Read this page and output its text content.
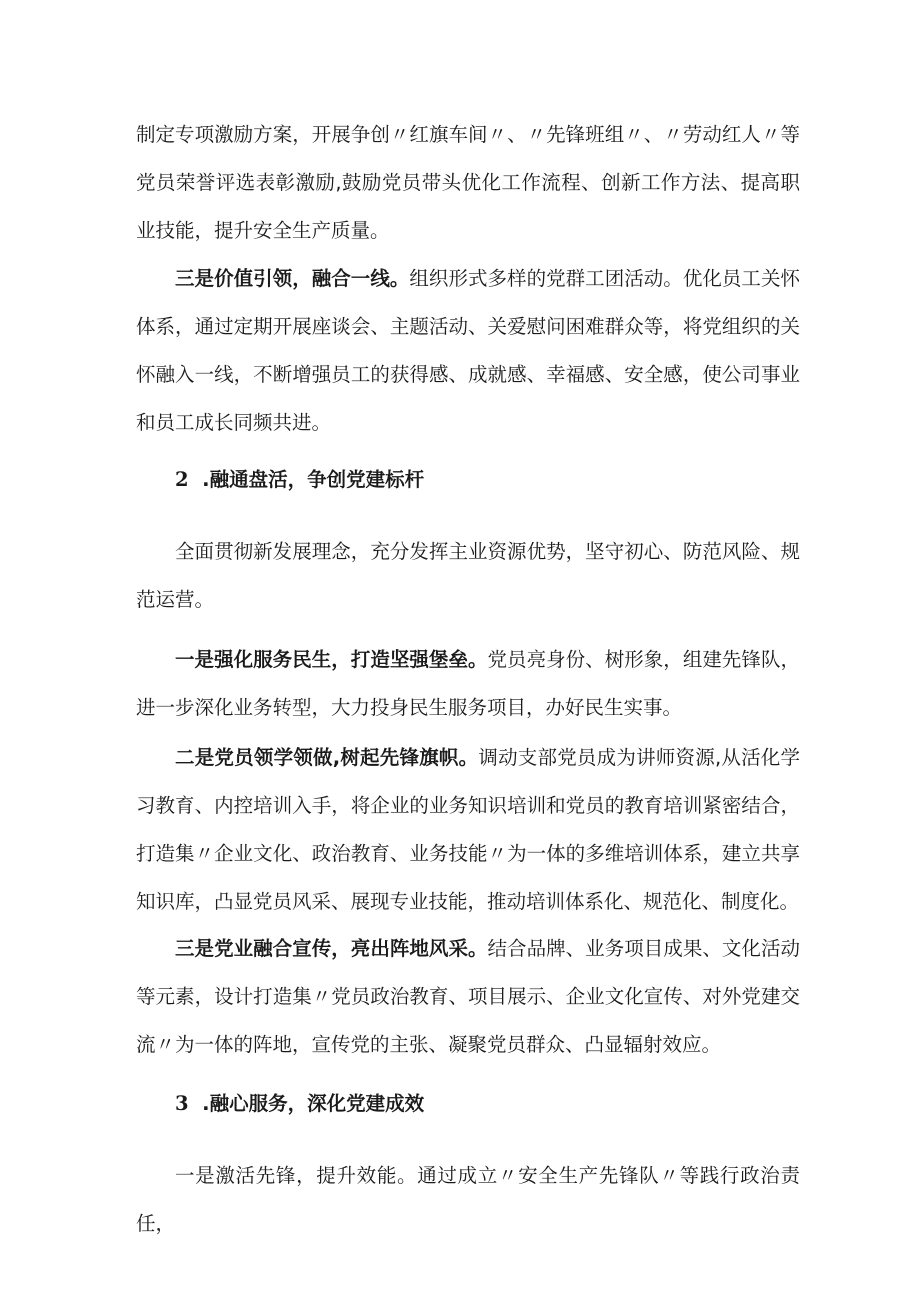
制定专项激励方案，开展争创〃红旗车间〃、〃先锋班组〃、〃劳动红人〃等党员荣誉评选表彰激励,鼓励党员带头优化工作流程、创新工作方法、提高职业技能，提升安全生产质量。

三是价值引领，融合一线。组织形式多样的党群工团活动。优化员工关怀体系，通过定期开展座谈会、主题活动、关爱慰问困难群众等，将党组织的关怀融入一线，不断增强员工的获得感、成就感、幸福感、安全感，使公司事业和员工成长同频共进。

2 .融通盘活，争创党建标杆

全面贯彻新发展理念，充分发挥主业资源优势，坚守初心、防范风险、规范运营。

一是强化服务民生，打造坚强堡垒。党员亮身份、树形象，组建先锋队，进一步深化业务转型，大力投身民生服务项目，办好民生实事。

二是党员领学领做,树起先锋旗帜。调动支部党员成为讲师资源,从活化学习教育、内控培训入手，将企业的业务知识培训和党员的教育培训紧密结合，打造集〃企业文化、政治教育、业务技能〃为一体的多维培训体系，建立共享知识库，凸显党员风采、展现专业技能，推动培训体系化、规范化、制度化。

三是党业融合宣传，亮出阵地风采。结合品牌、业务项目成果、文化活动等元素，设计打造集〃党员政治教育、项目展示、企业文化宣传、对外党建交流〃为一体的阵地，宣传党的主张、凝聚党员群众、凸显辐射效应。

3 .融心服务，深化党建成效

一是激活先锋，提升效能。通过成立〃安全生产先锋队〃等践行政治责任，
